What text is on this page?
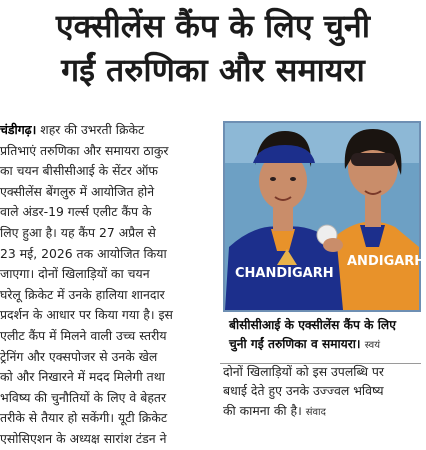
एक्सीलेंस कैंप के लिए चुनी
गईं तरुणिका और समायरा
चंडीगढ़। शहर की उभरती क्रिकेट
प्रतिभाएं तरुणिका और समायरा ठाकुर
का चयन बीसीसीआई के सेंटर ऑफ
एक्सीलेंस बेंगलुरु में आयोजित होने
वाले अंडर-19 गर्ल्स एलीट कैंप के
लिए हुआ है। यह कैंप 27 अप्रैल से
23 मई, 2026 तक आयोजित किया
जाएगा। दोनों खिलाड़ियों का चयन
घरेलू क्रिकेट में उनके हालिया शानदार
प्रदर्शन के आधार पर किया गया है। इस
एलीट कैंप में मिलने वाली उच्च स्तरीय
ट्रेनिंग और एक्सपोजर से उनके खेल
को और निखारने में मदद मिलेगी तथा
भविष्य की चुनौतियों के लिए वे बेहतर
तरीके से तैयार हो सकेंगी। यूटी क्रिकेट
एसोसिएशन के अध्यक्ष सारांश टंडन ने
ANDIGARH
CHANDIGARH
बीसीसीआई के एक्सीलेंस कैंप के लिए
चुनी गईं तरुणिका व समायरा। स्वयं
दोनों खिलाड़ियों को इस उपलब्धि पर
बधाई देते हुए उनके उज्ज्वल भविष्य
की कामना की है। संवाद
